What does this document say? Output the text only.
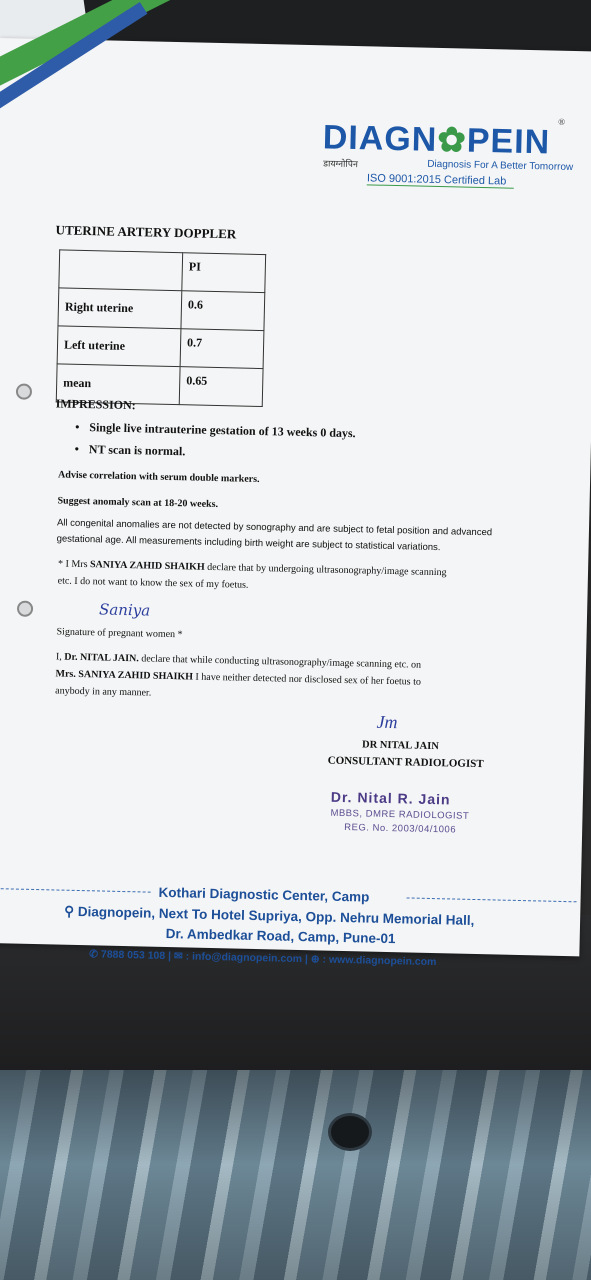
DIAGN✿PEIN ®
डायग्नोपिन	Diagnosis For A Better Tomorrow
ISO 9001:2015 Certified Lab
UTERINE ARTERY DOPPLER
	PI
Right uterine	0.6
Left uterine	0.7
mean	0.65
IMPRESSION:
• Single live intrauterine gestation of 13 weeks 0 days.
• NT scan is normal.
Advise correlation with serum double markers.
Suggest anomaly scan at 18-20 weeks.
All congenital anomalies are not detected by sonography and are subject to fetal position and advanced
gestational age. All measurements including birth weight are subject to statistical variations.
* I Mrs SANIYA ZAHID SHAIKH declare that by undergoing ultrasonography/image scanning
etc. I do not want to know the sex of my foetus.
Saniya
Signature of pregnant women *
I, Dr. NITAL JAIN. declare that while conducting ultrasonography/image scanning etc. on
Mrs. SANIYA ZAHID SHAIKH I have neither detected nor disclosed sex of her foetus to
anybody in any manner.
Jm
DR NITAL JAIN
CONSULTANT RADIOLOGIST
Dr. Nital R. Jain
MBBS, DMRE RADIOLOGIST
REG. No. 2003/04/1006
Kothari Diagnostic Center, Camp
⚲ Diagnopein, Next To Hotel Supriya, Opp. Nehru Memorial Hall,
Dr. Ambedkar Road, Camp, Pune-01
✆ 7888 053 108 | ✉ : info@diagnopein.com | ⊕ : www.diagnopein.com
